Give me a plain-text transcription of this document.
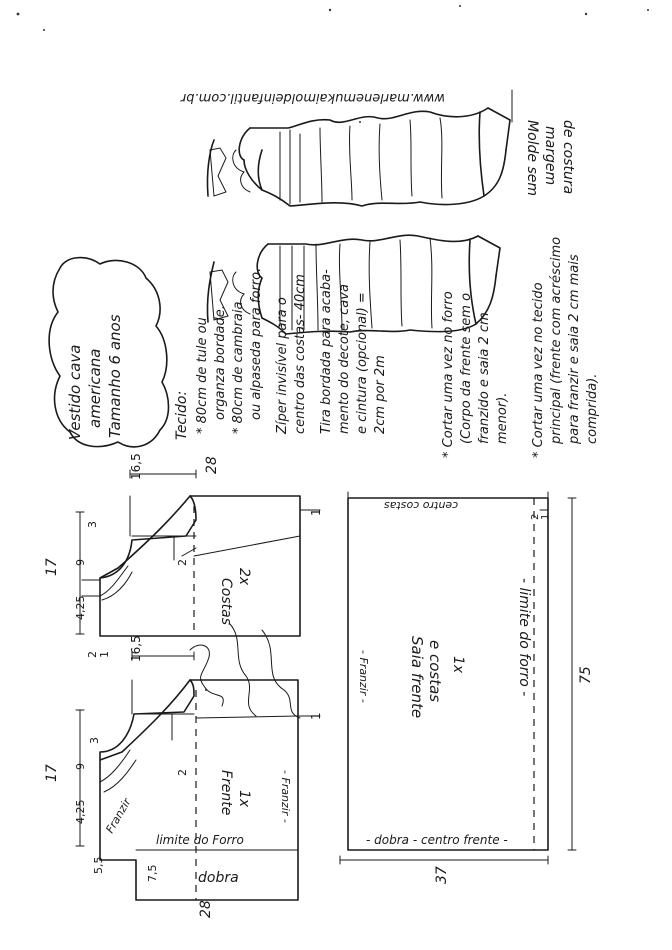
www.marlenemukaimoldeinfantil.com.br
Molde sem margem de costura
Vestido cava americana Tamanho 6 anos	Tecido: * 80cm de tule ou organza bordade. * 80cm de cambraia ou alpaseda para forro. Zíper invisível para o centro das costas- 40cm Tira bordada para acaba- mento do decote, cava e cintura (opcional) = 2cm por 2m	* Cortar uma vez no forro (Corpo da frente sem o franzido e saia 2 cm menor). * Cortar uma vez no tecido principal (frente com acréscimo para franzir e saia 2 cm mais comprida).
Marlene Mukai
17
4,25
9
3
2 1
16,5	28
2
1
Costas
2x
17
4,25
9
3
5,5	7,5
16,5
28
2
1
- Franzir -
Franzir
Frente 1x
limite do Forro
dobra
centro costas
- Franzir -	Saia frente e costas 1x	- limite do forro -
- dobra - centro frente -
75
37
2 1
